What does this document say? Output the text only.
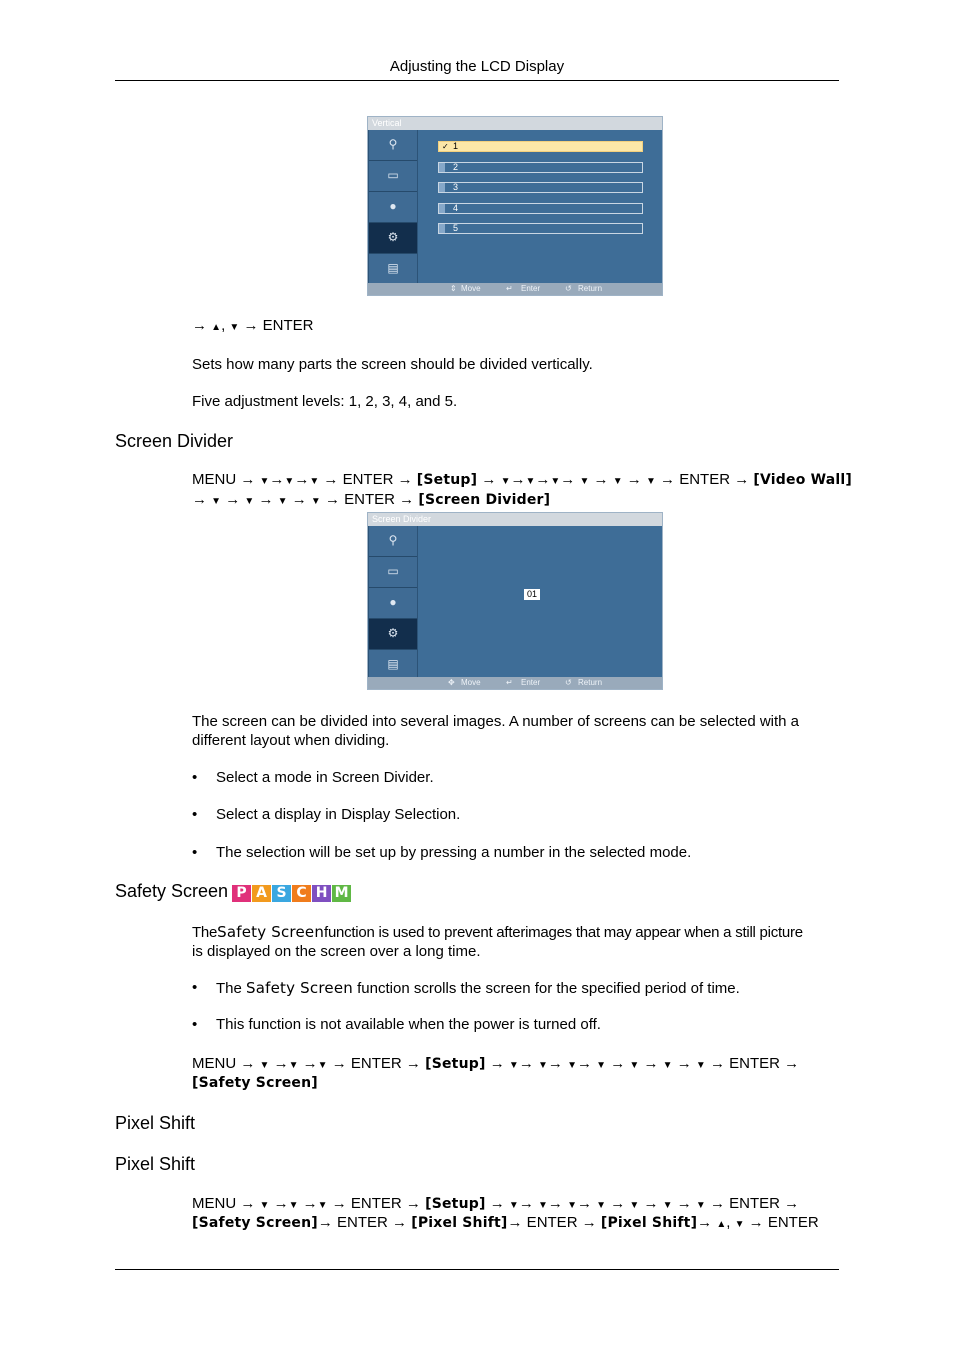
Adjusting the LCD Display
Vertical
⚲
▭
●
⚙
▤
✓ 1
2
3
4
5
⇕ Move	↵ Enter	↺ Return
→ ▲, ▼ → ENTER
Sets how many parts the screen should be divided vertically.
Five adjustment levels: 1, 2, 3, 4, and 5.
Screen Divider
MENU → ▼→▼→▼ → ENTER → [Setup] → ▼→▼→▼→ ▼ → ▼ → ▼ → ENTER → [Video Wall]
→ ▼ → ▼ → ▼ → ▼ → ENTER → [Screen Divider]
Screen Divider
⚲
▭
●
⚙
▤
01
✥ Move	↵ Enter	↺ Return
The screen can be divided into several images. A number of screens can be selected with a
different layout when dividing.
• Select a mode in Screen Divider.
• Select a display in Display Selection.
• The selection will be set up by pressing a number in the selected mode.
Safety Screen P A S C H M
TheSafety Screenfunction is used to prevent afterimages that may appear when a still picture
is displayed on the screen over a long time.
• The Safety Screen function scrolls the screen for the specified period of time.
• This function is not available when the power is turned off.
MENU → ▼ →▼ →▼ → ENTER → [Setup] → ▼→ ▼→ ▼→ ▼ → ▼ → ▼ → ▼ → ENTER →
[Safety Screen]
Pixel Shift
Pixel Shift
MENU → ▼ →▼ →▼ → ENTER → [Setup] → ▼→ ▼→ ▼→ ▼ → ▼ → ▼ → ▼ → ENTER →
[Safety Screen]→ ENTER → [Pixel Shift]→ ENTER → [Pixel Shift]→ ▲, ▼ → ENTER
